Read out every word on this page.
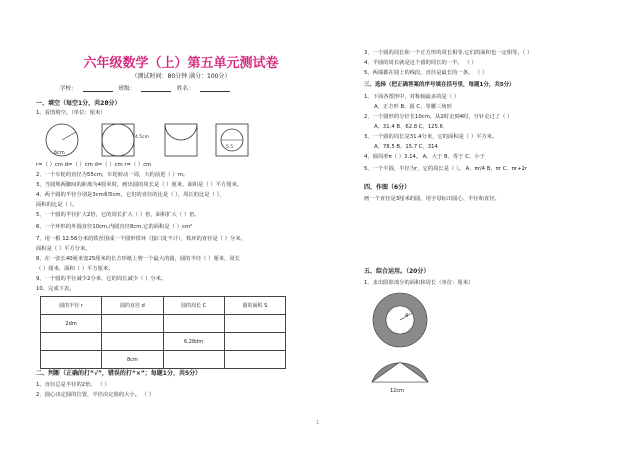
六年级数学（上）第五单元测试卷
（测试时间：80分钟 满分：100分）
学校：	班级：	姓名：
一、填空（每空1分，共28分）
1、看图填空。（单位：厘米）
6cm
4.5cm
5.5
r=（ ）cm d=（ ）cm d=（ ）cm r=（ ）cm
2、一个车轮的直径为55cm，车轮转动一周，大约前进（ ）m。
3、当圆规两脚间的距离为4厘米时，画出圆的周长是（ ）厘米，面积是（ ）平方厘米。
4、两个圆的半径分别是3cm和5cm，它们的直径的比是（ ），周长的比是（ ），
面积的比是（ ）。
5、一个圆的半径扩大2倍，它的周长扩大（ ）倍，面积扩大（ ）倍。
6、一个环形的外圆直径10cm,内圆直径8cm,它的面积是（ ）cm²
7、用一根 12.56分米的铁丝围成一个圆形铁环（接口处不计），铁环的直径是（ ）分米，
面积是（ ）平方分米。
8、在一张长40厘米宽25厘米的长方形纸上剪一个最大的圆，圆的半径（ ）厘米，周长
（ ）厘米，面积（ ）平方厘米。
9、一个圆的半径减少2分米，它的周长减少（ ）分米。
10、完成下表。
圆的半径 r	圆的直径 d	圆的周长 C	圆的面积 S
2dm			
		6.28dm	
	8cm		
二、判断（正确的打“√”，错误的打“×”；每题1分，共5分）
1、直径总是半径的2倍。 （ ）
2、圆心决定圆的位置，半径决定圆的大小。 （ ）
3、一个圆的周长和一个正方形的周长相等,它们的面积也一定相等。（ ）
4、半圆的周长就是这个圆的周长的一半。 （ ）
5、两端都在圆上的线段，直径是最长的一条。 （ ）
三、选择（把正确答案的序号填在括号里，每题1分，共5分）
1、下面各图形中，对称轴最多的是（ ）
A、正方形 B、圆 C、等腰三角形
2、一个圆形的分针长10cm，从2时走到4时，分针走过了（ ）
A、31.4 B、62.8 C、125.6
3、一个圆的周长是31.4分米，它的面积是（ ）平方米。
A、78.5 B、15.7 C、314
4、圆周率π（ ）3.14。 A、大于 B、等于 C、小于
5、一个半圆，半径为r，它的周长是（ ）。 A、πr/4 B、πr C、πr+2r
四、作图（6分）
画一个直径是3厘米的圆，用字母标出圆心、半径和直径。
五、综合运用。（20分）
1、求出阴影部分的面积和周长（单位：厘米）
4
12cm
1
